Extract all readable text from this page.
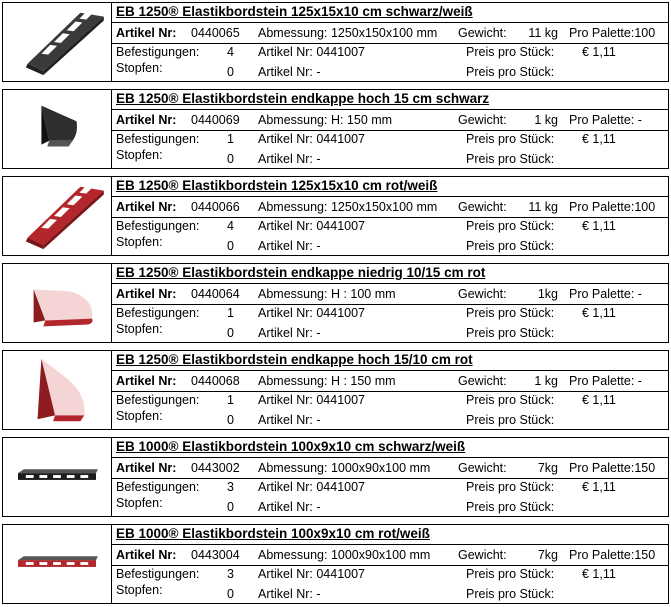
EB 1250® Elastikbordstein 125x15x10 cm schwarz/weiß
Artikel Nr: 0440065 Abmessung: 1250x150x100 mm Gewicht: 11 kg Pro Palette:100
Befestigungen: 4 Artikel Nr: 0441007	Preis pro Stück: € 1,11
Stopfen:	0 Artikel Nr: -	Preis pro Stück:
EB 1250® Elastikbordstein endkappe hoch 15 cm schwarz
Artikel Nr: 0440069 Abmessung: H: 150 mm	Gewicht: 1 kg Pro Palette: -
Befestigungen: 1 Artikel Nr: 0441007	Preis pro Stück: € 1,11
Stopfen:	0 Artikel Nr: -	Preis pro Stück:
EB 1250® Elastikbordstein 125x15x10 cm rot/weiß
Artikel Nr: 0440066 Abmessung: 1250x150x100 mm Gewicht: 11 kg Pro Palette:100
Befestigungen: 4 Artikel Nr: 0441007	Preis pro Stück: € 1,11
Stopfen:	0 Artikel Nr: -	Preis pro Stück:
EB 1250® Elastikbordstein endkappe niedrig 10/15 cm rot
Artikel Nr: 0440064 Abmessung: H : 100 mm	Gewicht: 1kg Pro Palette: -
Befestigungen: 1 Artikel Nr: 0441007	Preis pro Stück: € 1,11
Stopfen:	0 Artikel Nr: -	Preis pro Stück:
EB 1250® Elastikbordstein endkappe hoch 15/10 cm rot
Artikel Nr: 0440068 Abmessung: H : 150 mm	Gewicht: 1 kg Pro Palette: -
Befestigungen: 1 Artikel Nr: 0441007	Preis pro Stück: € 1,11
Stopfen:	0 Artikel Nr: -	Preis pro Stück:
EB 1000® Elastikbordstein 100x9x10 cm schwarz/weiß
Artikel Nr: 0443002 Abmessung: 1000x90x100 mm Gewicht: 7kg Pro Palette:150
Befestigungen: 3 Artikel Nr: 0441007	Preis pro Stück: € 1,11
Stopfen:	0 Artikel Nr: -	Preis pro Stück:
EB 1000® Elastikbordstein 100x9x10 cm rot/weiß
Artikel Nr: 0443004 Abmessung: 1000x90x100 mm Gewicht: 7kg Pro Palette:150
Befestigungen: 3 Artikel Nr: 0441007	Preis pro Stück: € 1,11
Stopfen:	0 Artikel Nr: -	Preis pro Stück:
